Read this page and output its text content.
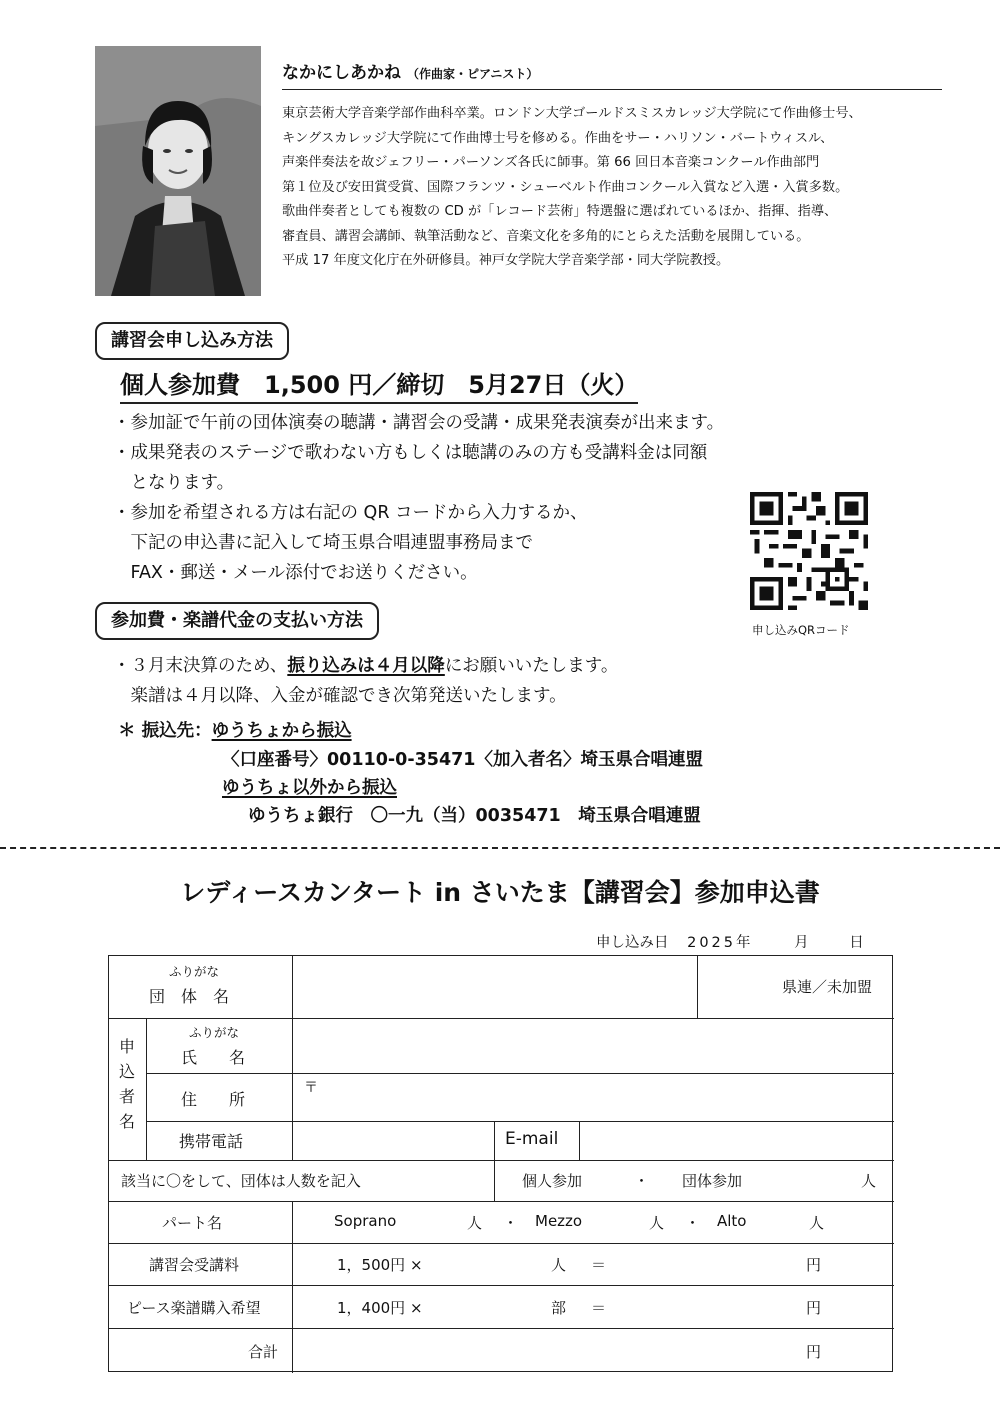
なかにしあかね （作曲家・ピアニスト）
東京芸術大学音楽学部作曲科卒業。ロンドン大学ゴールドスミスカレッジ大学院にて作曲修士号、
キングスカレッジ大学院にて作曲博士号を修める。作曲をサー・ハリソン・バートウィスル、
声楽伴奏法を故ジェフリー・パーソンズ各氏に師事。第 66 回日本音楽コンクール作曲部門
第１位及び安田賞受賞、国際フランツ・シューベルト作曲コンクール入賞など入選・入賞多数。
歌曲伴奏者としても複数の CD が「レコード芸術」特選盤に選ばれているほか、指揮、指導、
審査員、講習会講師、執筆活動など、音楽文化を多角的にとらえた活動を展開している。
平成 17 年度文化庁在外研修員。神戸女学院大学音楽学部・同大学院教授。
講習会申し込み方法
個人参加費　1,500 円／締切　5月27日（火）
・参加証で午前の団体演奏の聴講・講習会の受講・成果発表演奏が出来ます。
・成果発表のステージで歌わない方もしくは聴講のみの方も受講料金は同額
　となります。
・参加を希望される方は右記の QR コードから入力するか、
　下記の申込書に記入して埼玉県合唱連盟事務局まで
　FAX・郵送・メール添付でお送りください。
申し込みQRコード
参加費・楽譜代金の支払い方法
・３月末決算のため、振り込みは４月以降にお願いいたします。
　楽譜は４月以降、入金が確認でき次第発送いたします。
＊ 振込先：ゆうちょから振込
〈口座番号〉00110-0-35471〈加入者名〉埼玉県合唱連盟
ゆうちょ以外から振込
ゆうちょ銀行　〇一九（当）0035471　埼玉県合唱連盟
レディースカンタート in さいたま【講習会】参加申込書
申し込み日 2025年	月	日
ふりがな
団　体　名	県連／未加盟
申
込
者
名
ふりがな
氏　　名
住　　所
〒
携帯電話	E-mail
該当に〇をして、団体は人数を記入	個人参加	・ 団体参加	人
パート名	Soprano	人 ・ Mezzo	人 ・ Alto	人
講習会受講料	1，500円 ×	人 ＝	円
ピース楽譜購入希望	1，400円 ×	部 ＝	円
合計	円
